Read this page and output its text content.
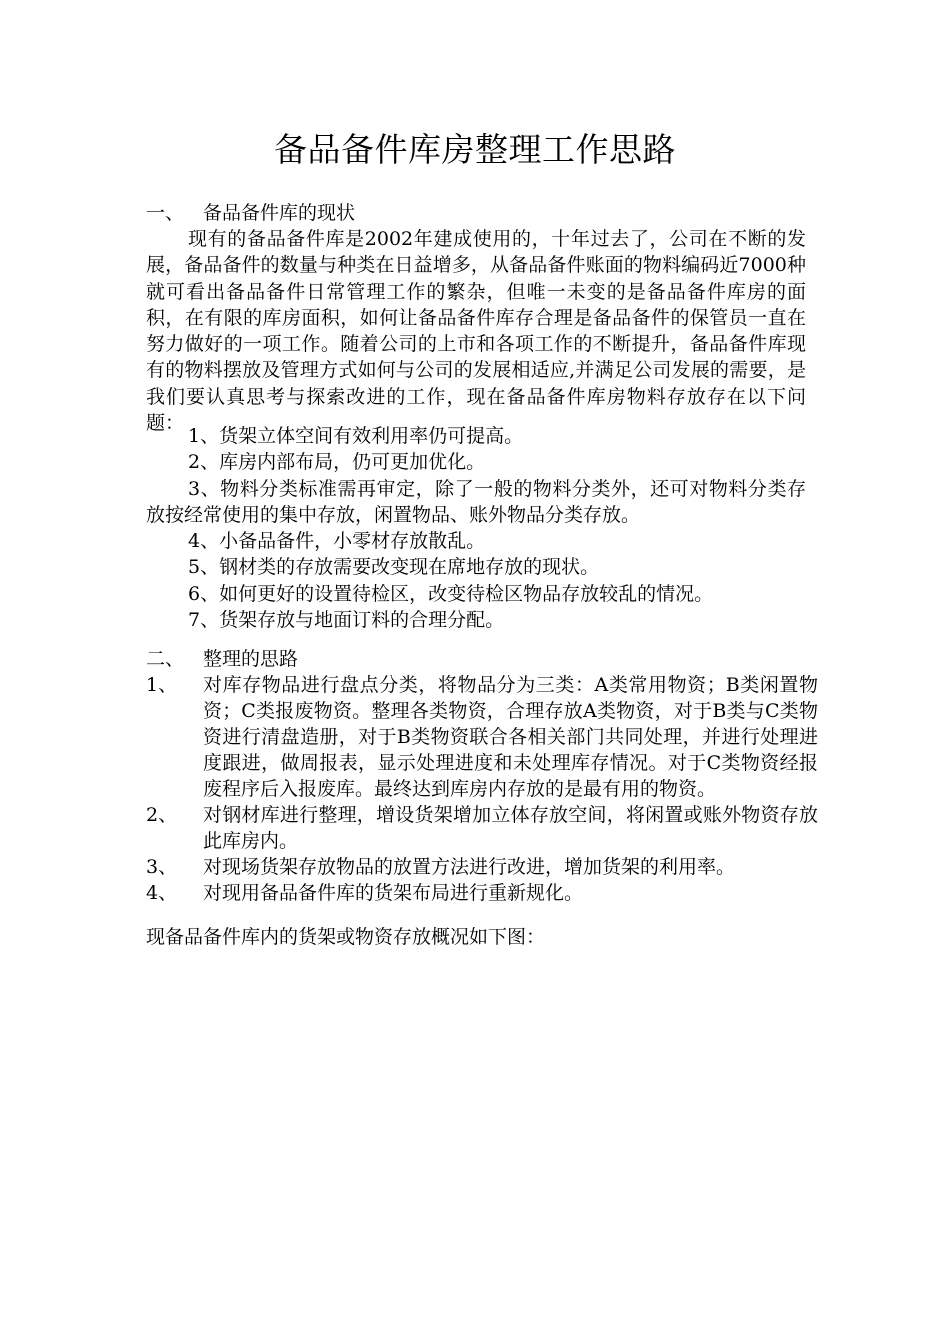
备品备件库房整理工作思路
一、 备品备件库的现状

现有的备品备件库是2002年建成使用的，十年过去了，公司在不断的发展，备品备件的数量与种类在日益增多，从备品备件账面的物料编码近7000种就可看出备品备件日常管理工作的繁杂，但唯一未变的是备品备件库房的面积，在有限的库房面积，如何让备品备件库存合理是备品备件的保管员一直在努力做好的一项工作。随着公司的上市和各项工作的不断提升，备品备件库现有的物料摆放及管理方式如何与公司的发展相适应,并满足公司发展的需要，是我们要认真思考与探索改进的工作，现在备品备件库房物料存放存在以下问题：

1、货架立体空间有效利用率仍可提高。

2、库房内部布局，仍可更加优化。

3、物料分类标准需再审定，除了一般的物料分类外，还可对物料分类存放按经常使用的集中存放，闲置物品、账外物品分类存放。

4、小备品备件，小零材存放散乱。

5、钢材类的存放需要改变现在席地存放的现状。

6、如何更好的设置待检区，改变待检区物品存放较乱的情况。

7、货架存放与地面订料的合理分配。

二、 整理的思路
1、	对库存物品进行盘点分类，将物品分为三类：A类常用物资；B类闲置物资；C类报废物资。整理各类物资，合理存放A类物资，对于B类与C类物资进行清盘造册，对于B类物资联合各相关部门共同处理，并进行处理进度跟进，做周报表，显示处理进度和未处理库存情况。对于C类物资经报废程序后入报废库。最终达到库房内存放的是最有用的物资。
2、	对钢材库进行整理，增设货架增加立体存放空间，将闲置或账外物资存放此库房内。
3、	对现场货架存放物品的放置方法进行改进，增加货架的利用率。
4、	对现用备品备件库的货架布局进行重新规化。
现备品备件库内的货架或物资存放概况如下图：
